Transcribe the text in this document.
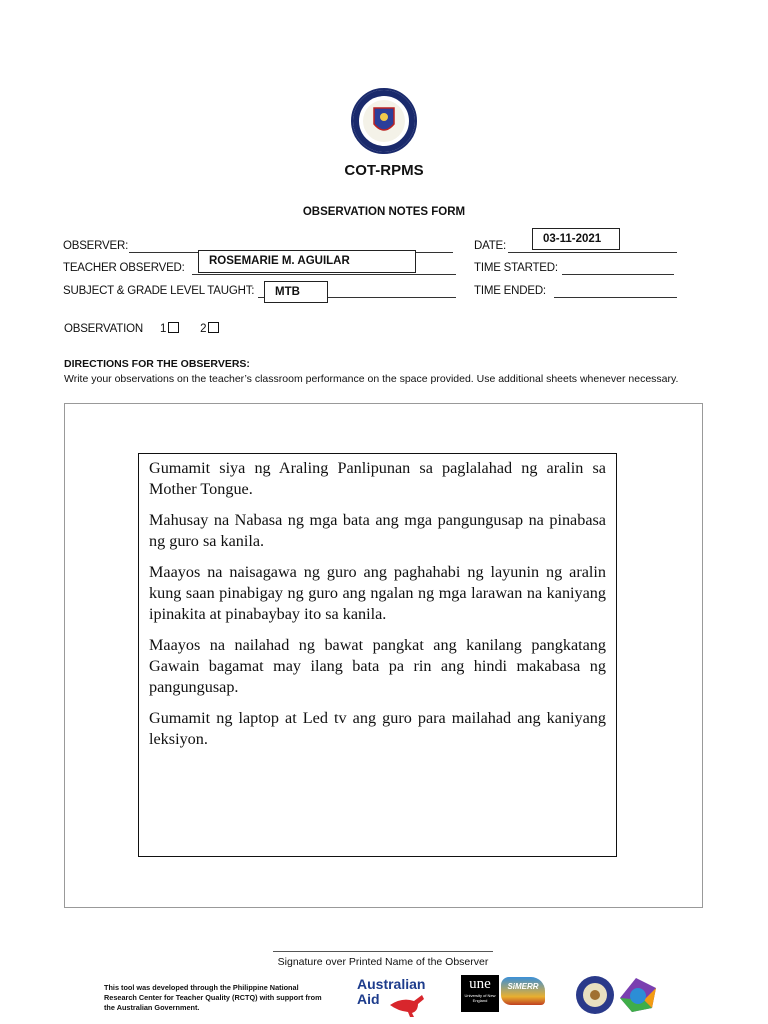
COT-RPMS
OBSERVATION NOTES FORM
OBSERVER:
TEACHER OBSERVED:
ROSEMARIE M. AGUILAR
SUBJECT & GRADE LEVEL TAUGHT:	MTB
DATE:
03-11-2021
TIME STARTED:
TIME ENDED:
OBSERVATION 1	2
DIRECTIONS FOR THE OBSERVERS:
Write your observations on the teacher’s classroom performance on the space provided. Use additional sheets whenever necessary.

Gumamit siya ng Araling Panlipunan sa paglalahad ng aralin sa Mother Tongue.

Mahusay na Nabasa ng mga bata ang mga pangungusap na pinabasa ng guro sa kanila.

Maayos na naisagawa ng guro ang paghahabi ng layunin ng aralin kung saan pinabigay ng guro ang ngalan ng mga larawan na kaniyang ipinakita at pinabaybay ito sa kanila.

Maayos na nailahad ng bawat pangkat ang kanilang pangkatang Gawain bagamat may ilang bata pa rin ang hindi makabasa ng pangungusap.

Gumamit ng laptop at Led tv ang guro para mailahad ang kaniyang leksiyon.

Signature over Printed Name of the Observer
This tool was developed through the Philippine National Research Center for Teacher Quality (RCTQ) with support from the Australian Government.
Australian
Aid
une
University of New England
SiMERR
